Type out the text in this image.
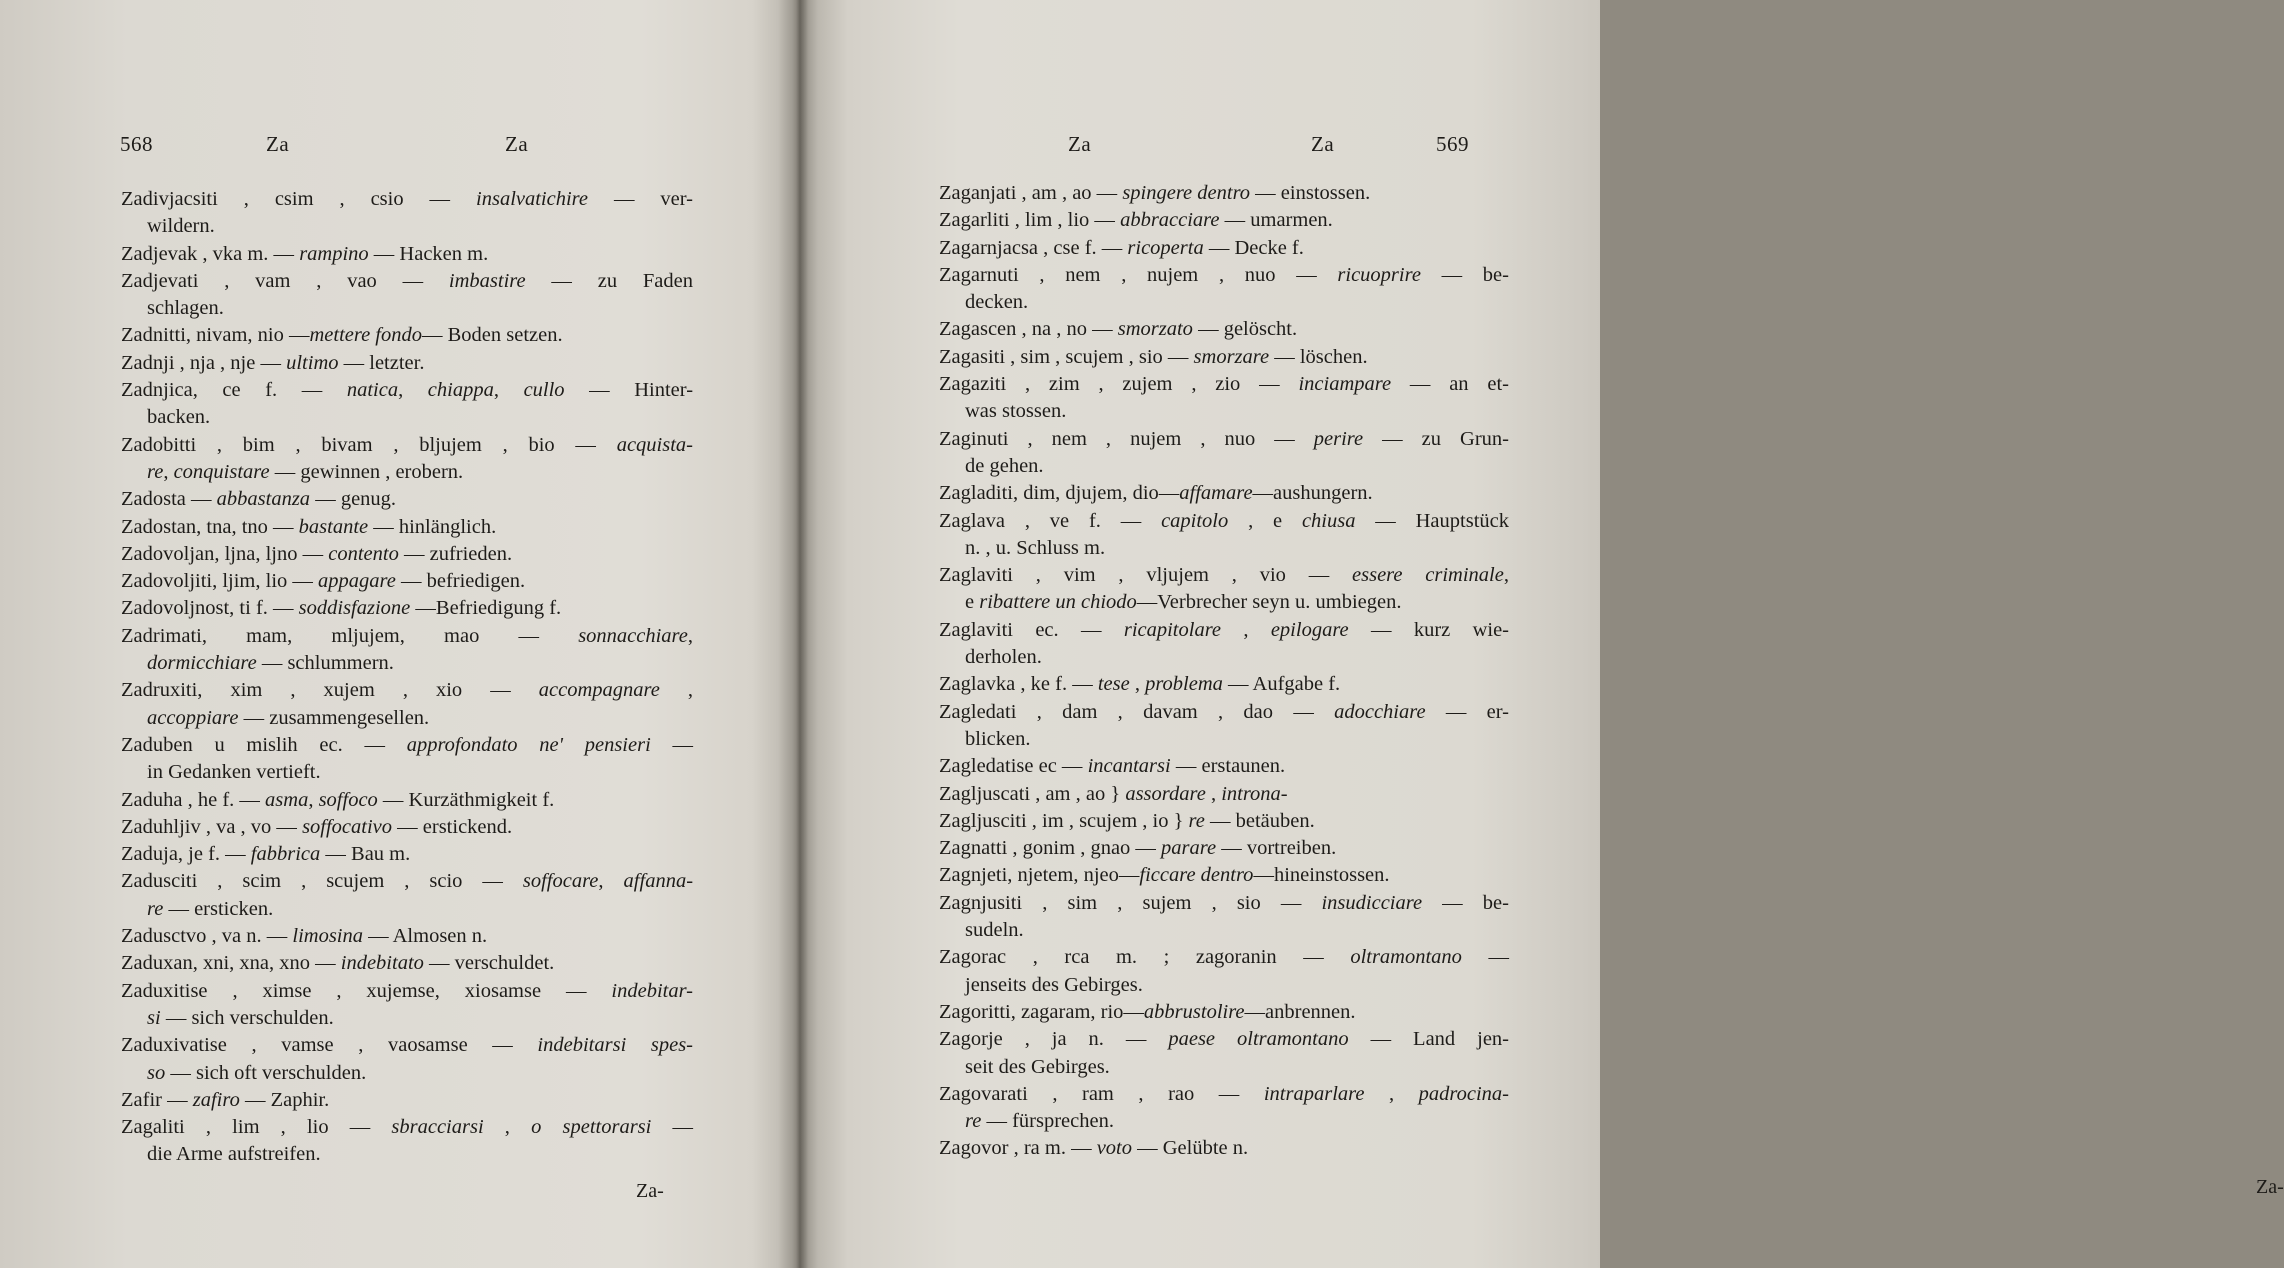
568	Za	Za
Zadivjacsiti , csim , csio — insalvatichire — ver-
wildern.
Zadjevak , vka m. — rampino — Hacken m.
Zadjevati , vam , vao — imbastire — zu Faden
schlagen.
Zadnitti, nivam, nio —mettere fondo— Boden setzen.
Zadnji , nja , nje — ultimo — letzter.
Zadnjica, ce f. — natica, chiappa, cullo — Hinter-
backen.
Zadobitti , bim , bivam , bljujem , bio — acquista-
re, conquistare — gewinnen , erobern.
Zadosta — abbastanza — genug.
Zadostan, tna, tno — bastante — hinlänglich.
Zadovoljan, ljna, ljno — contento — zufrieden.
Zadovoljiti, ljim, lio — appagare — befriedigen.
Zadovoljnost, ti f. — soddisfazione —Befriedigung f.
Zadrimati, mam, mljujem, mao — sonnacchiare,
dormicchiare — schlummern.
Zadruxiti, xim , xujem , xio — accompagnare ,
accoppiare — zusammengesellen.
Zaduben u mislih ec. — approfondato ne' pensieri —
in Gedanken vertieft.
Zaduha , he f. — asma, soffoco — Kurzäthmigkeit f.
Zaduhljiv , va , vo — soffocativo — erstickend.
Zaduja, je f. — fabbrica — Bau m.
Zadusciti , scim , scujem , scio — soffocare, affanna-
re — ersticken.
Zadusctvo , va n. — limosina — Almosen n.
Zaduxan, xni, xna, xno — indebitato — verschuldet.
Zaduxitise , ximse , xujemse, xiosamse — indebitar-
si — sich verschulden.
Zaduxivatise , vamse , vaosamse — indebitarsi spes-
so — sich oft verschulden.
Zafir — zafiro — Zaphir.
Zagaliti , lim , lio — sbracciarsi , o spettorarsi —
die Arme aufstreifen.
Za-
Za	Za	569
Zaganjati , am , ao — spingere dentro — einstossen.
Zagarliti , lim , lio — abbracciare — umarmen.
Zagarnjacsa , cse f. — ricoperta — Decke f.
Zagarnuti , nem , nujem , nuo — ricuoprire — be-
decken.
Zagascen , na , no — smorzato — gelöscht.
Zagasiti , sim , scujem , sio — smorzare — löschen.
Zagaziti , zim , zujem , zio — inciampare — an et-
was stossen.
Zaginuti , nem , nujem , nuo — perire — zu Grun-
de gehen.
Zagladiti, dim, djujem, dio—affamare—aushungern.
Zaglava , ve f. — capitolo , e chiusa — Hauptstück
n. , u. Schluss m.
Zaglaviti , vim , vljujem , vio — essere criminale,
e ribattere un chiodo—Verbrecher seyn u. umbiegen.
Zaglaviti ec. — ricapitolare , epilogare — kurz wie-
derholen.
Zaglavka , ke f. — tese , problema — Aufgabe f.
Zagledati , dam , davam , dao — adocchiare — er-
blicken.
Zagledatise ec — incantarsi — erstaunen.
Zagljuscati , am , ao } assordare , introna-
Zagljusciti , im , scujem , io } re — betäuben.
Zagnatti , gonim , gnao — parare — vortreiben.
Zagnjeti, njetem, njeo—ficcare dentro—hineinstossen.
Zagnjusiti , sim , sujem , sio — insudicciare — be-
sudeln.
Zagorac , rca m. ; zagoranin — oltramontano —
jenseits des Gebirges.
Zagoritti, zagaram, rio—abbrustolire—anbrennen.
Zagorje , ja n. — paese oltramontano — Land jen-
seit des Gebirges.
Zagovarati , ram , rao — intraparlare , padrocina-
re — fürsprechen.
Zagovor , ra m. — voto — Gelübte n.
Za-
